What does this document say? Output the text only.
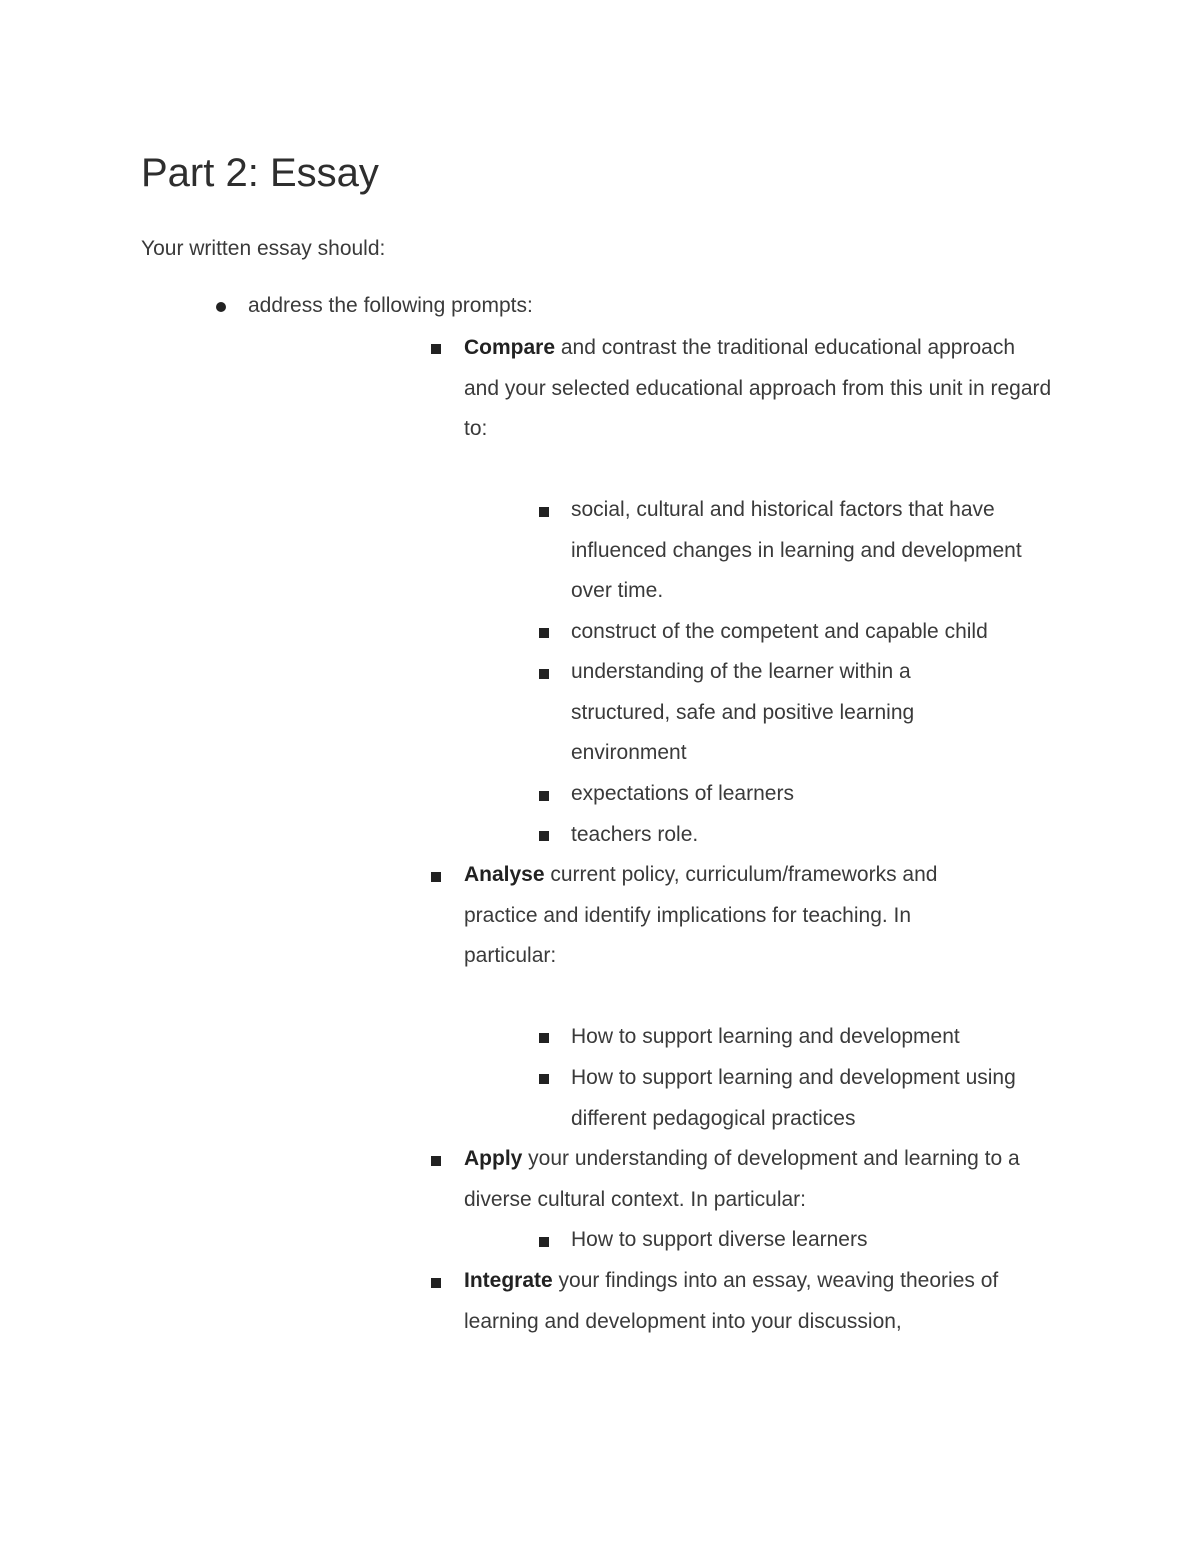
Part 2: Essay
Your written essay should:
address the following prompts:
Compare and contrast the traditional educational approach and your selected educational approach from this unit in regard to:
social, cultural and historical factors that have influenced changes in learning and development over time.
construct of the competent and capable child
understanding of the learner within a structured, safe and positive learning environment
expectations of learners
teachers role.
Analyse current policy, curriculum/frameworks and practice and identify implications for teaching. In particular:
How to support learning and development
How to support learning and development using different pedagogical practices
Apply your understanding of development and learning to a diverse cultural context. In particular:
How to support diverse learners
Integrate your findings into an essay, weaving theories of learning and development into your discussion,
